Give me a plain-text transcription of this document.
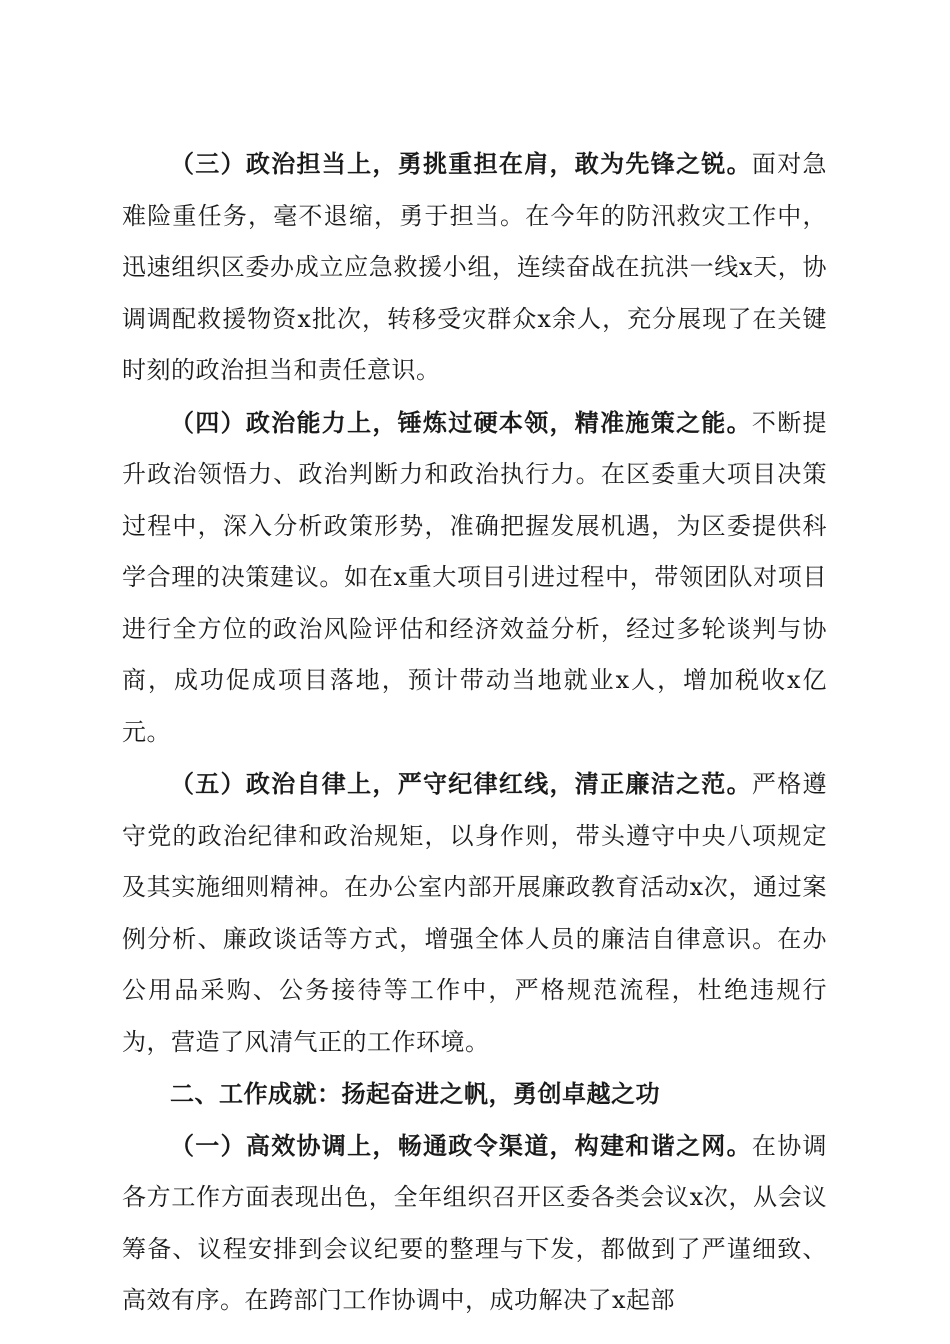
（三）政治担当上，勇挑重担在肩，敢为先锋之锐。面对急难险重任务，毫不退缩，勇于担当。在今年的防汛救灾工作中，迅速组织区委办成立应急救援小组，连续奋战在抗洪一线x天，协调调配救援物资x批次，转移受灾群众x余人，充分展现了在关键时刻的政治担当和责任意识。

（四）政治能力上，锤炼过硬本领，精准施策之能。不断提升政治领悟力、政治判断力和政治执行力。在区委重大项目决策过程中，深入分析政策形势，准确把握发展机遇，为区委提供科学合理的决策建议。如在x重大项目引进过程中，带领团队对项目进行全方位的政治风险评估和经济效益分析，经过多轮谈判与协商，成功促成项目落地，预计带动当地就业x人，增加税收x亿元。

（五）政治自律上，严守纪律红线，清正廉洁之范。严格遵守党的政治纪律和政治规矩，以身作则，带头遵守中央八项规定及其实施细则精神。在办公室内部开展廉政教育活动x次，通过案例分析、廉政谈话等方式，增强全体人员的廉洁自律意识。在办公用品采购、公务接待等工作中，严格规范流程，杜绝违规行为，营造了风清气正的工作环境。

二、工作成就：扬起奋进之帆，勇创卓越之功

（一）高效协调上，畅通政令渠道，构建和谐之网。在协调各方工作方面表现出色，全年组织召开区委各类会议x次，从会议筹备、议程安排到会议纪要的整理与下发，都做到了严谨细致、高效有序。在跨部门工作协调中，成功解决了x起部
